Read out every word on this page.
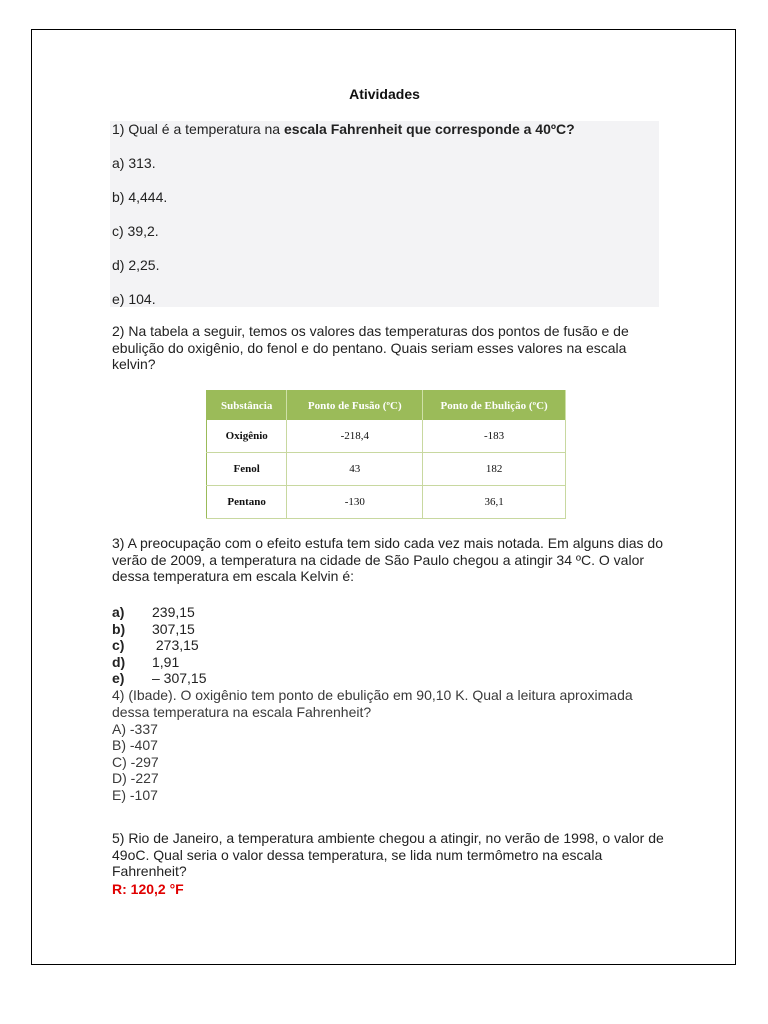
Atividades
1) Qual é a temperatura na escala Fahrenheit que corresponde a 40ºC?
a) 313.
b) 4,444.
c) 39,2.
d) 2,25.
e) 104.
2) Na tabela a seguir, temos os valores das temperaturas dos pontos de fusão e de ebulição do oxigênio, do fenol e do pentano. Quais seriam esses valores na escala kelvin?
Substância	Ponto de Fusão (ºC)	Ponto de Ebulição (ºC)
Oxigênio	-218,4	-183
Fenol	43	182
Pentano	-130	36,1
3) A preocupação com o efeito estufa tem sido cada vez mais notada. Em alguns dias do verão de 2009, a temperatura na cidade de São Paulo chegou a atingir 34 ºC. O valor dessa temperatura em escala Kelvin é:
a) 239,15
b) 307,15
c) 273,15
d) 1,91
e) – 307,15
4) (Ibade). O oxigênio tem ponto de ebulição em 90,10 K. Qual a leitura aproximada dessa temperatura na escala Fahrenheit?
A) -337
B) -407
C) -297
D) -227
E) -107
5) Rio de Janeiro, a temperatura ambiente chegou a atingir, no verão de 1998, o valor de 49oC. Qual seria o valor dessa temperatura, se lida num termômetro na escala Fahrenheit?
R: 120,2 °F
